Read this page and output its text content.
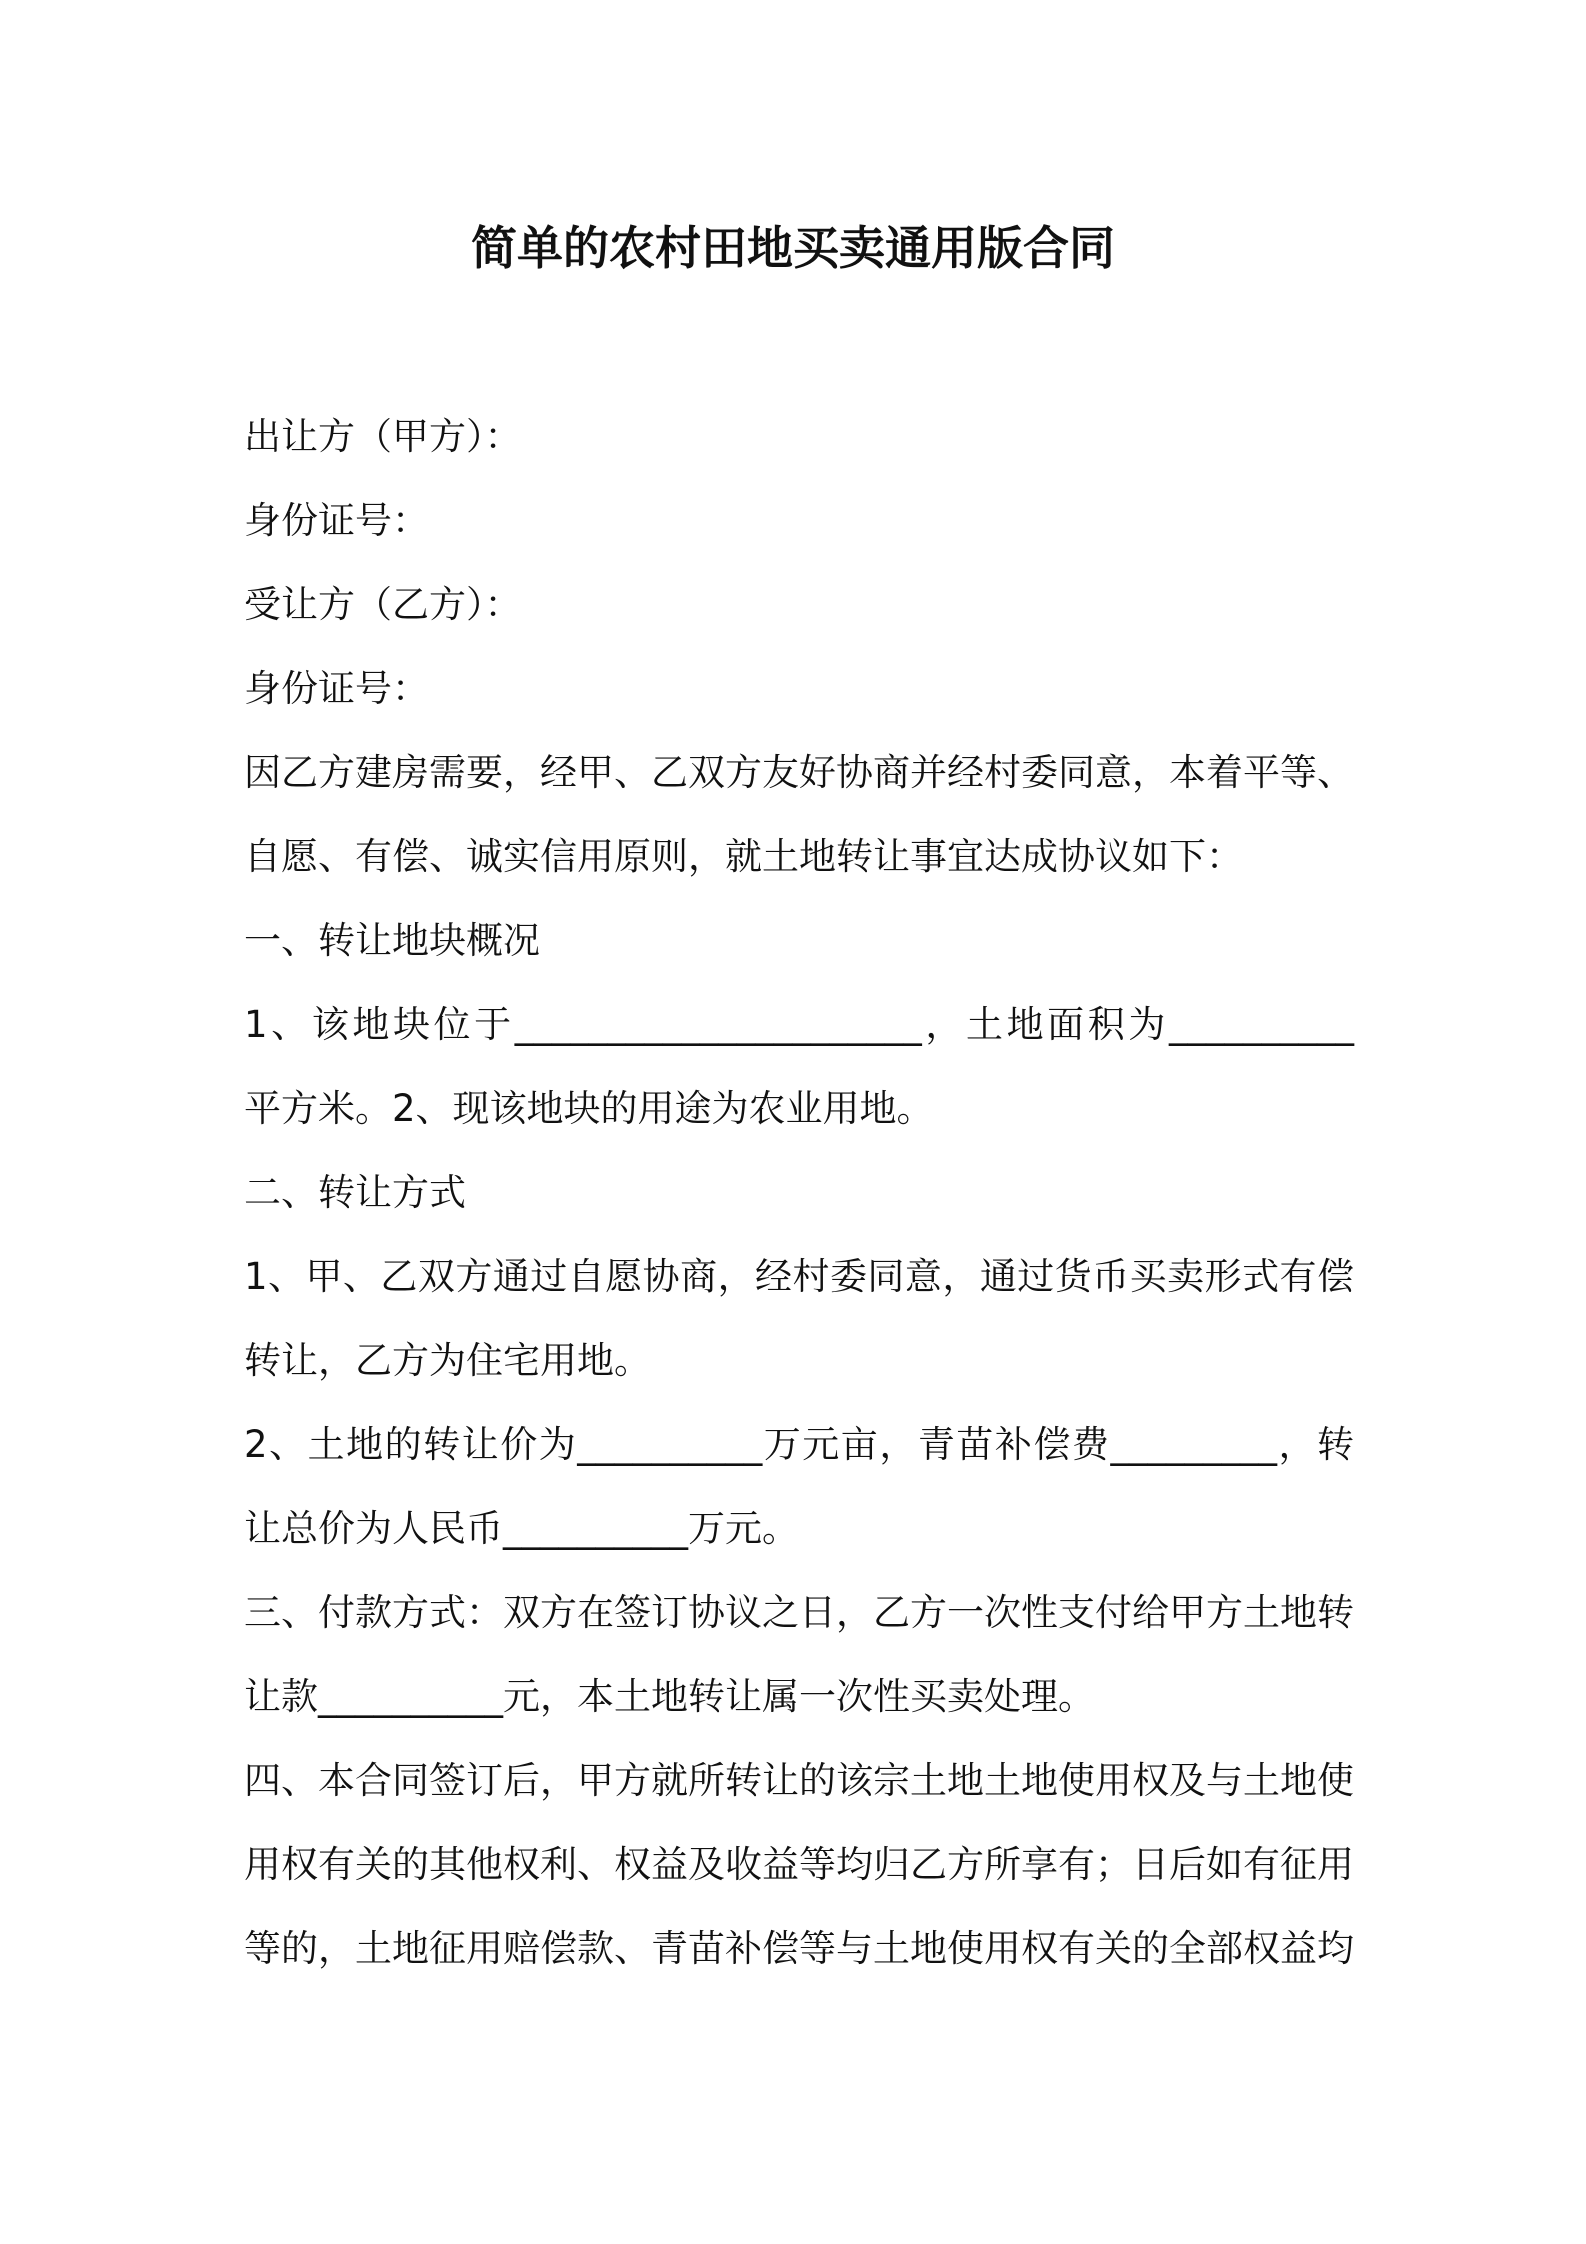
简单的农村田地买卖通用版合同
出让方（甲方）：
身份证号：
受让方（乙方）：
身份证号：
因乙方建房需要，经甲、乙双方友好协商并经村委同意，本着平等、
自愿、有偿、诚实信用原则，就土地转让事宜达成协议如下：
一、转让地块概况
1、该地块位于______________________，土地面积为__________
平方米。2、现该地块的用途为农业用地。
二、转让方式
1、甲、乙双方通过自愿协商，经村委同意，通过货币买卖形式有偿
转让，乙方为住宅用地。
2、土地的转让价为__________万元亩，青苗补偿费_________，转
让总价为人民币__________万元。
三、付款方式：双方在签订协议之日，乙方一次性支付给甲方土地转
让款__________元，本土地转让属一次性买卖处理。
四、本合同签订后，甲方就所转让的该宗土地土地使用权及与土地使
用权有关的其他权利、权益及收益等均归乙方所享有；日后如有征用
等的，土地征用赔偿款、青苗补偿等与土地使用权有关的全部权益均
